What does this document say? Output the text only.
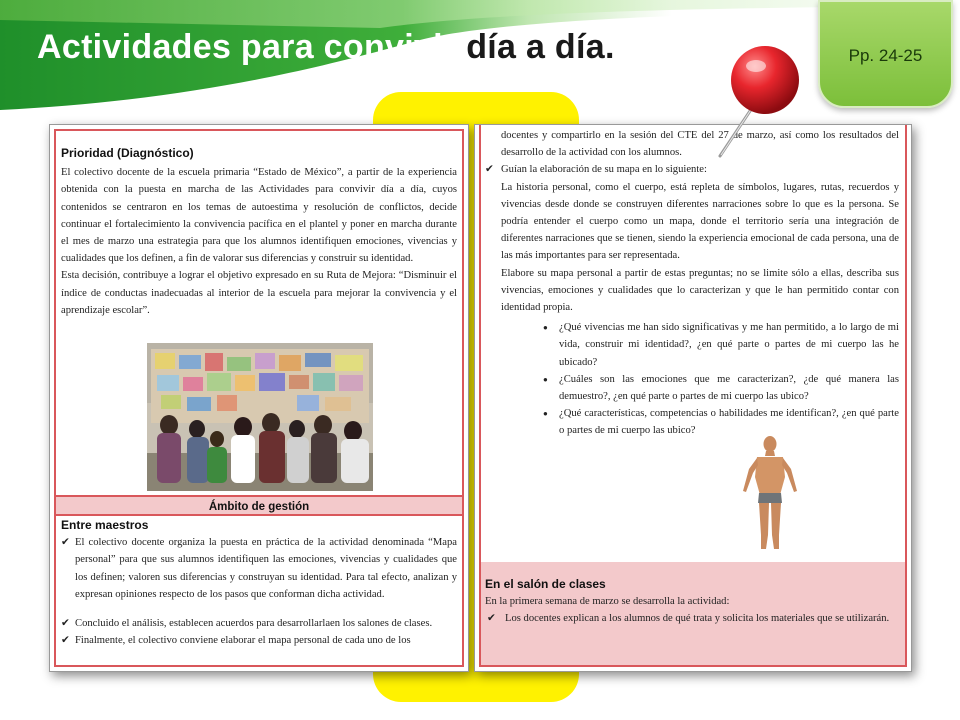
Actividades para convivir día a día.	Pp. 24-25

Prioridad (Diagnóstico)

El colectivo docente de la escuela primaria “Estado de México”, a partir de la experiencia obtenida con la puesta en marcha de las Actividades para convivir día a día, cuyos contenidos se centraron en los temas de autoestima y resolución de conflictos, decide continuar el fortalecimiento la convivencia pacífica en el plantel y poner en marcha durante el mes de marzo una estrategia para que los alumnos identifiquen emociones, vivencias y cualidades que los definen, a fin de valorar sus diferencias y construir su identidad.

Esta decisión, contribuye a lograr el objetivo expresado en su Ruta de Mejora: “Disminuir el índice de conductas inadecuadas al interior de la escuela para mejorar la convivencia y el aprendizaje escolar”.

Ámbito de gestión

Entre maestros

✔ El colectivo docente organiza la puesta en práctica de la actividad denominada “Mapa personal” para que sus alumnos identifiquen las emociones, vivencias y cualidades que los definen; valoren sus diferencias y construyan su identidad. Para tal efecto, analizan y expresan opiniones respecto de los pasos que conforman dicha actividad.

✔ Concluido el análisis, establecen acuerdos para desarrollarlaen los salones de clases.

✔ Finalmente, el colectivo conviene elaborar el mapa personal de cada uno de los

docentes y compartirlo en la sesión del CTE del 27 de marzo, así como los resultados del desarrollo de la actividad con los alumnos.

✔ Guían la elaboración de su mapa en lo siguiente:

La historia personal, como el cuerpo, está repleta de símbolos, lugares, rutas, recuerdos y vivencias desde donde se construyen diferentes narraciones sobre lo que es la persona. Se podría entender el cuerpo como un mapa, donde el territorio sería una integración de diferentes narraciones que se tienen, siendo la experiencia emocional de cada persona, una de las más importantes para ser representada.

Elabore su mapa personal a partir de estas preguntas; no se limite sólo a ellas, describa sus vivencias, emociones y cualidades que lo caracterizan y que le han permitido contar con identidad propia.

● ¿Qué vivencias me han sido significativas y me han permitido, a lo largo de mi vida, construir mi identidad?, ¿en qué parte o partes de mi cuerpo las he ubicado?
● ¿Cuáles son las emociones que me caracterizan?, ¿de qué manera las demuestro?, ¿en qué parte o partes de mi cuerpo las ubico?
● ¿Qué características, competencias o habilidades me identifican?, ¿en qué parte o partes de mi cuerpo las ubico?

En el salón de clases

En la primera semana de marzo se desarrolla la actividad:

✔ Los docentes explican a los alumnos de qué trata y solicita los materiales que se utilizarán.
